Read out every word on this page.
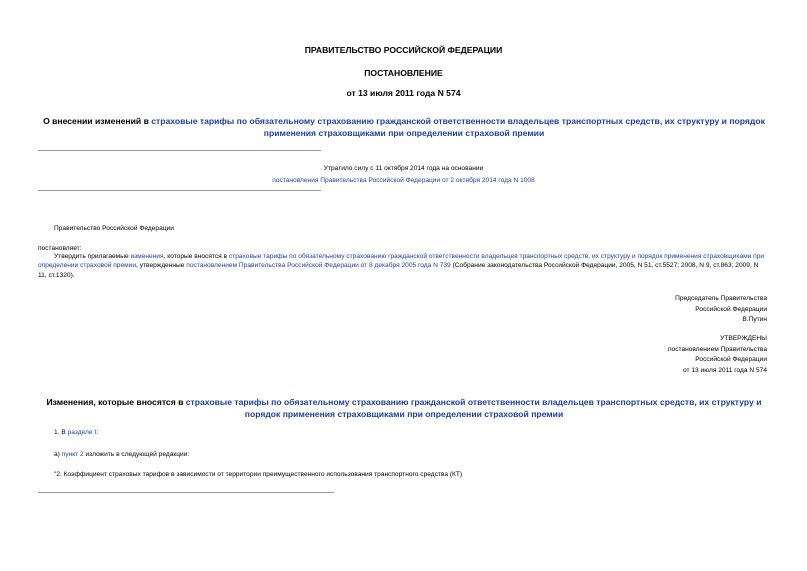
ПРАВИТЕЛЬСТВО РОССИЙСКОЙ ФЕДЕРАЦИИ
ПОСТАНОВЛЕНИЕ
от 13 июля 2011 года N 574
О внесении изменений в страховые тарифы по обязательному страхованию гражданской ответственности владельцев транспортных средств, их структуру и порядок применения страховщиками при определении страховой премии
Утратило силу с 11 октября 2014 года на основании
постановления Правительства Российской Федерации от 2 октября 2014 года N 1008
Правительство Российской Федерации
постановляет:
Утвердить прилагаемые изменения, которые вносятся в страховые тарифы по обязательному страхованию гражданской ответственности владельцев транспортных средств, их структуру и порядок применения страховщиками при определении страховой премии, утвержденные постановлением Правительства Российской Федерации от 8 декабря 2005 года N 739 (Собрание законодательства Российской Федерации, 2005, N 51, ст.5527; 2008, N 9, ст.863; 2009, N 11, ст.1320).
Председатель Правительства
Российской Федерации
В.Путин
УТВЕРЖДЕНЫ
постановлением Правительства
Российской Федерации
от 13 июля 2011 года N 574
Изменения, которые вносятся в страховые тарифы по обязательному страхованию гражданской ответственности владельцев транспортных средств, их структуру и порядок применения страховщиками при определении страховой премии
1. В разделе I:
а) пункт 2 изложить в следующей редакции:
"2. Коэффициент страховых тарифов в зависимости от территории преимущественного использования транспортного средства (КТ)
